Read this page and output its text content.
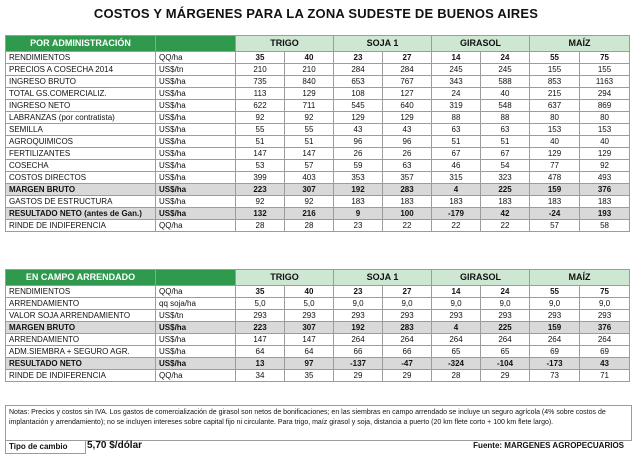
COSTOS Y MÁRGENES PARA LA ZONA SUDESTE DE BUENOS AIRES
POR ADMINISTRACIÓN		TRIGO		SOJA 1		GIRASOL		MAÍZ	
RENDIMIENTOS	QQ/ha	35	40	23	27	14	24	55	75
PRECIOS A COSECHA 2014	US$/tn	210	210	284	284	245	245	155	155
INGRESO BRUTO	US$/ha	735	840	653	767	343	588	853	1163
TOTAL GS.COMERCIALIZ.	US$/ha	113	129	108	127	24	40	215	294
INGRESO NETO	US$/ha	622	711	545	640	319	548	637	869
LABRANZAS (por contratista)	US$/ha	92	92	129	129	88	88	80	80
SEMILLA	US$/ha	55	55	43	43	63	63	153	153
AGROQUIMICOS	US$/ha	51	51	96	96	51	51	40	40
FERTILIZANTES	US$/ha	147	147	26	26	67	67	129	129
COSECHA	US$/ha	53	57	59	63	46	54	77	92
COSTOS DIRECTOS	US$/ha	399	403	353	357	315	323	478	493
MARGEN BRUTO	US$/ha	223	307	192	283	4	225	159	376
GASTOS DE ESTRUCTURA	US$/ha	92	92	183	183	183	183	183	183
RESULTADO NETO (antes de Gan.)	US$/ha	132	216	9	100	-179	42	-24	193
RINDE DE INDIFERENCIA	QQ/ha	28	28	23	22	22	22	57	58
EN CAMPO ARRENDADO		TRIGO		SOJA 1		GIRASOL		MAÍZ	
RENDIMIENTOS	QQ/ha	35	40	23	27	14	24	55	75
ARRENDAMIENTO	qq soja/ha	5,0	5,0	9,0	9,0	9,0	9,0	9,0	9,0
VALOR SOJA ARRENDAMIENTO	US$/tn	293	293	293	293	293	293	293	293
MARGEN BRUTO	US$/ha	223	307	192	283	4	225	159	376
ARRENDAMIENTO	US$/ha	147	147	264	264	264	264	264	264
ADM.SIEMBRA + SEGURO AGR.	US$/ha	64	64	66	66	65	65	69	69
RESULTADO NETO	US$/ha	13	97	-137	-47	-324	-104	-173	43
RINDE DE INDIFERENCIA	QQ/ha	34	35	29	29	28	29	73	71
Notas: Precios y costos sin IVA. Los gastos de comercialización de girasol son netos de bonificaciones; en las siembras en campo arrendado se incluye un seguro agrícola (4% sobre costos de implantación y arrendamiento); no se incluyen intereses sobre capital fijo ni circulante. Para trigo, maíz girasol y soja, distancia a puerto (20 km flete corto + 100 km flete largo).
Tipo de cambio	5,70 $/dólar	Fuente: MARGENES AGROPECUARIOS
